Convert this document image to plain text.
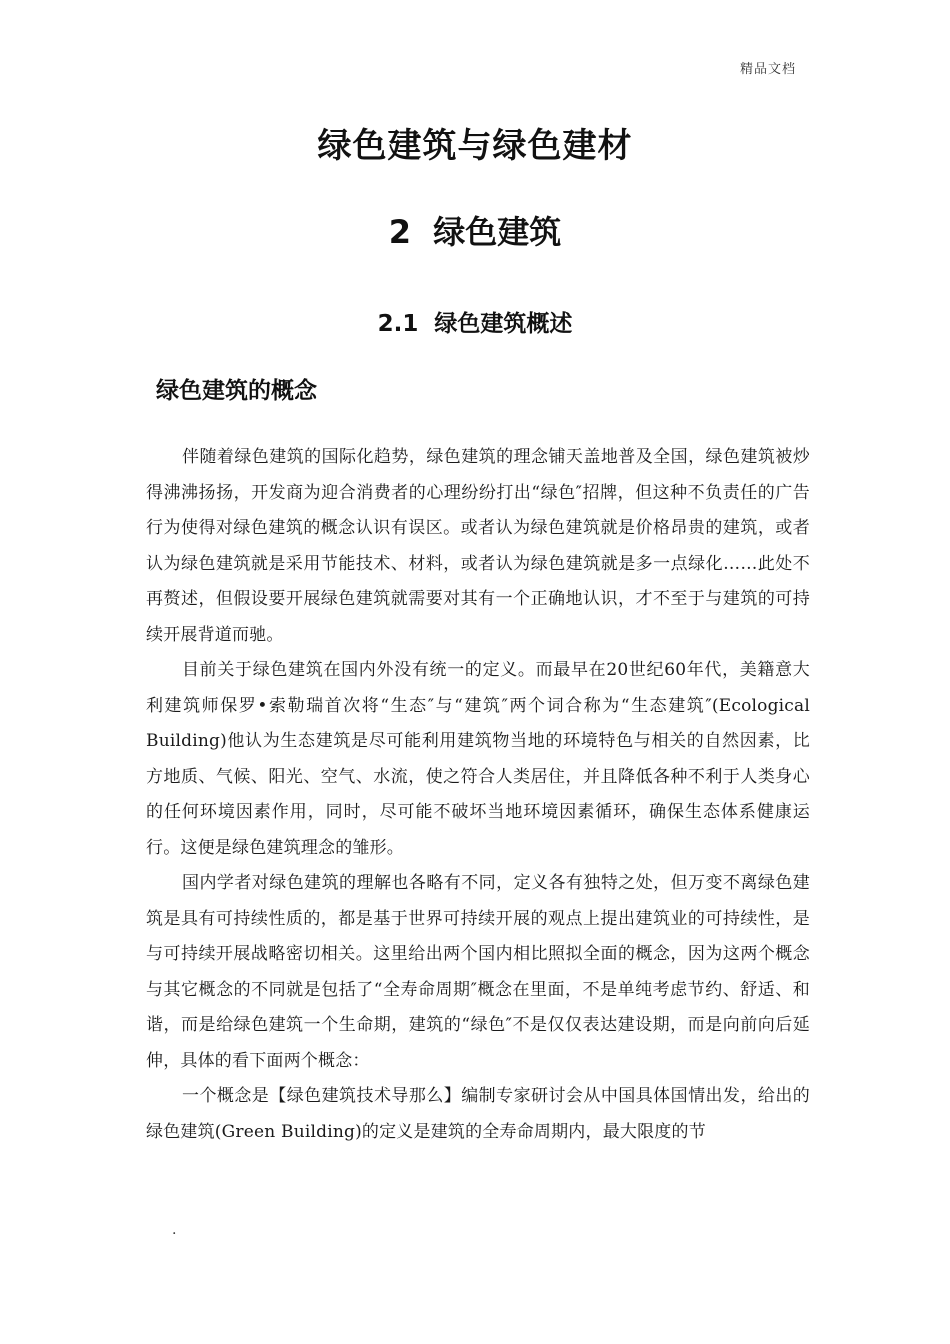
精品文档
绿色建筑与绿色建材
2  绿色建筑
2.1  绿色建筑概述
绿色建筑的概念

伴随着绿色建筑的国际化趋势，绿色建筑的理念铺天盖地普及全国，绿色建筑被炒得沸沸扬扬，开发商为迎合消费者的心理纷纷打出“绿色″招牌，但这种不负责任的广告行为使得对绿色建筑的概念认识有误区。或者认为绿色建筑就是价格昂贵的建筑，或者认为绿色建筑就是采用节能技术、材料，或者认为绿色建筑就是多一点绿化……此处不再赘述，但假设要开展绿色建筑就需要对其有一个正确地认识，才不至于与建筑的可持续开展背道而驰。

目前关于绿色建筑在国内外没有统一的定义。而最早在20世纪60年代，美籍意大利建筑师保罗•索勒瑞首次将“生态″与“建筑″两个词合称为“生态建筑″(Ecological Building)他认为生态建筑是尽可能利用建筑物当地的环境特色与相关的自然因素，比方地质、气候、阳光、空气、水流，使之符合人类居住，并且降低各种不利于人类身心的任何环境因素作用，同时，尽可能不破坏当地环境因素循环，确保生态体系健康运行。这便是绿色建筑理念的雏形。

国内学者对绿色建筑的理解也各略有不同，定义各有独特之处，但万变不离绿色建筑是具有可持续性质的，都是基于世界可持续开展的观点上提出建筑业的可持续性，是与可持续开展战略密切相关。这里给出两个国内相比照拟全面的概念，因为这两个概念与其它概念的不同就是包括了“全寿命周期″概念在里面，不是单纯考虑节约、舒适、和谐，而是给绿色建筑一个生命期，建筑的“绿色″不是仅仅表达建设期，而是向前向后延伸，具体的看下面两个概念：

一个概念是【绿色建筑技术导那么】编制专家研讨会从中国具体国情出发，给出的绿色建筑(Green Building)的定义是建筑的全寿命周期内，最大限度的节

.
